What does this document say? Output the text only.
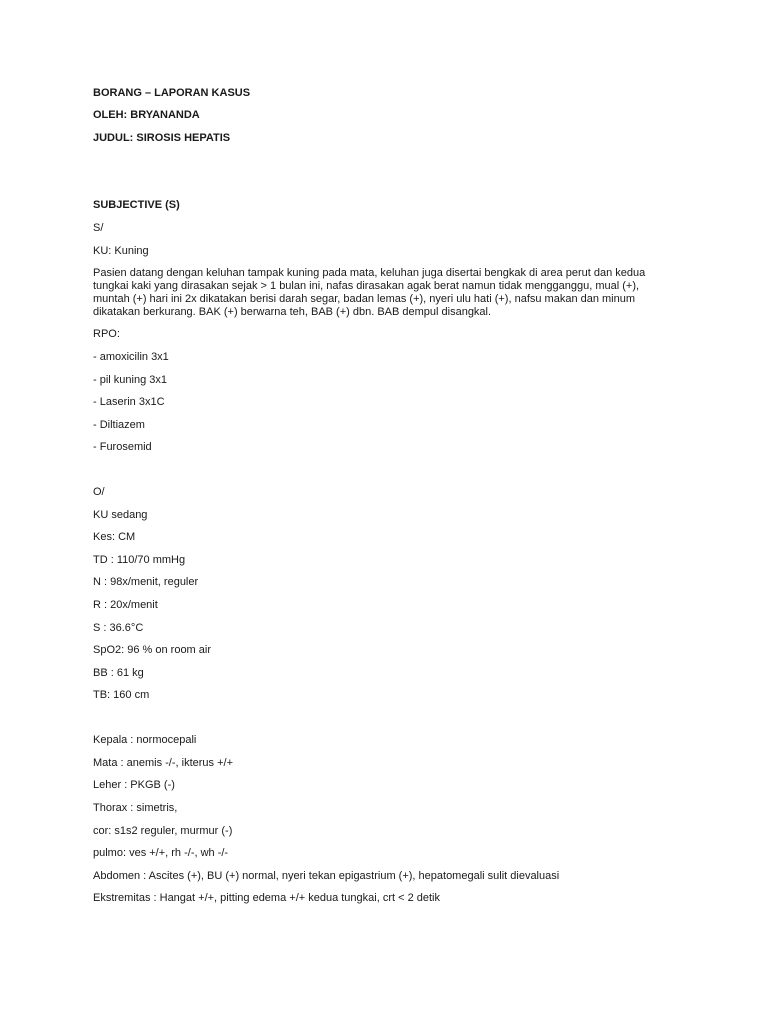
BORANG – LAPORAN KASUS
OLEH: BRYANANDA
JUDUL: SIROSIS HEPATIS
SUBJECTIVE (S)
S/
KU: Kuning
Pasien datang dengan keluhan tampak kuning pada mata, keluhan juga disertai bengkak di area perut dan kedua
tungkai kaki yang dirasakan sejak > 1 bulan ini, nafas dirasakan agak berat namun tidak mengganggu, mual (+),
muntah (+) hari ini 2x dikatakan berisi darah segar, badan lemas (+), nyeri ulu hati (+), nafsu makan dan minum
dikatakan berkurang. BAK (+) berwarna teh, BAB (+) dbn. BAB dempul disangkal.
RPO:
- amoxicilin 3x1
- pil kuning 3x1
- Laserin 3x1C
- Diltiazem
- Furosemid
O/
KU sedang
Kes: CM
TD : 110/70 mmHg
N : 98x/menit, reguler
R : 20x/menit
S : 36.6°C
SpO2: 96 % on room air
BB : 61 kg
TB: 160 cm
Kepala : normocepali
Mata : anemis -/-, ikterus +/+
Leher : PKGB (-)
Thorax : simetris,
cor: s1s2 reguler, murmur (-)
pulmo: ves +/+, rh -/-, wh -/-
Abdomen : Ascites (+), BU (+) normal, nyeri tekan epigastrium (+), hepatomegali sulit dievaluasi
Ekstremitas : Hangat +/+, pitting edema +/+ kedua tungkai, crt < 2 detik
